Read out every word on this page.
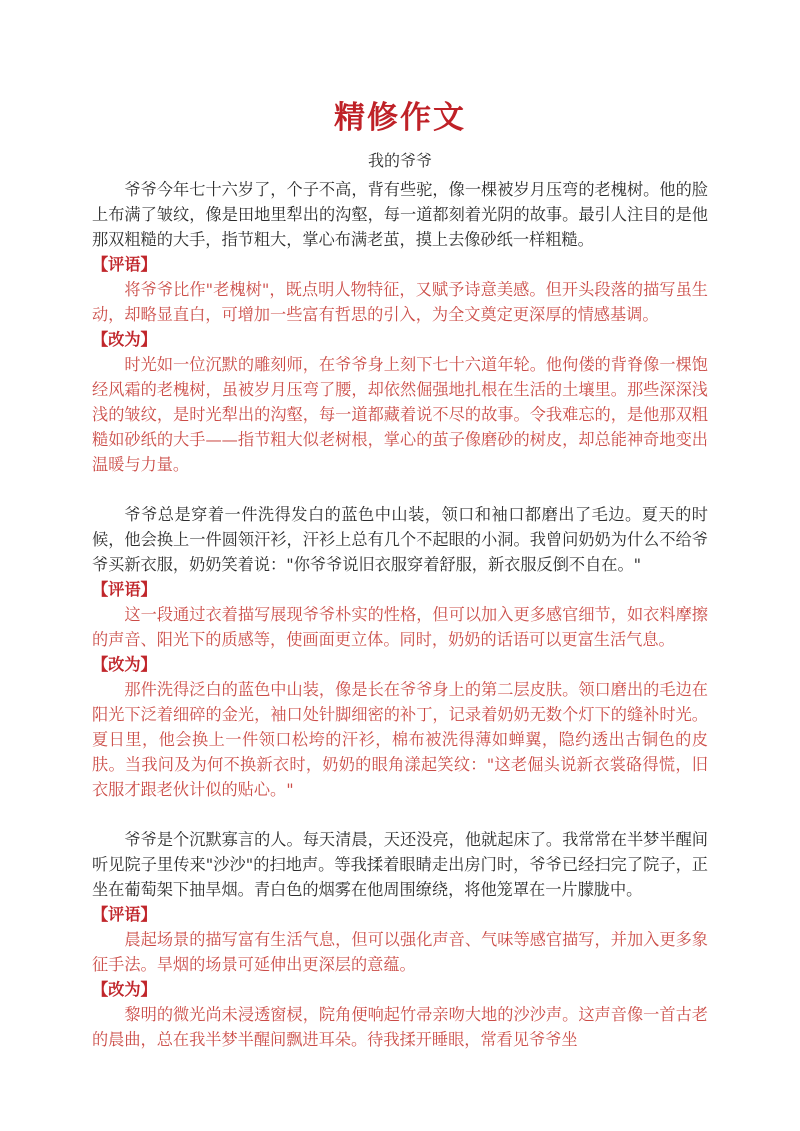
精修作文
我的爷爷

爷爷今年七十六岁了，个子不高，背有些驼，像一棵被岁月压弯的老槐树。他的脸上布满了皱纹，像是田地里犁出的沟壑，每一道都刻着光阴的故事。最引人注目的是他那双粗糙的大手，指节粗大，掌心布满老茧，摸上去像砂纸一样粗糙。

【评语】

将爷爷比作"老槐树"，既点明人物特征，又赋予诗意美感。但开头段落的描写虽生动，却略显直白，可增加一些富有哲思的引入，为全文奠定更深厚的情感基调。

【改为】

时光如一位沉默的雕刻师，在爷爷身上刻下七十六道年轮。他佝偻的背脊像一棵饱经风霜的老槐树，虽被岁月压弯了腰，却依然倔强地扎根在生活的土壤里。那些深深浅浅的皱纹，是时光犁出的沟壑，每一道都藏着说不尽的故事。令我难忘的，是他那双粗糙如砂纸的大手——指节粗大似老树根，掌心的茧子像磨砂的树皮，却总能神奇地变出温暖与力量。

爷爷总是穿着一件洗得发白的蓝色中山装，领口和袖口都磨出了毛边。夏天的时候，他会换上一件圆领汗衫，汗衫上总有几个不起眼的小洞。我曾问奶奶为什么不给爷爷买新衣服，奶奶笑着说："你爷爷说旧衣服穿着舒服，新衣服反倒不自在。"

【评语】

这一段通过衣着描写展现爷爷朴实的性格，但可以加入更多感官细节，如衣料摩擦的声音、阳光下的质感等，使画面更立体。同时，奶奶的话语可以更富生活气息。

【改为】

那件洗得泛白的蓝色中山装，像是长在爷爷身上的第二层皮肤。领口磨出的毛边在阳光下泛着细碎的金光，袖口处针脚细密的补丁，记录着奶奶无数个灯下的缝补时光。夏日里，他会换上一件领口松垮的汗衫，棉布被洗得薄如蝉翼，隐约透出古铜色的皮肤。当我问及为何不换新衣时，奶奶的眼角漾起笑纹："这老倔头说新衣裳硌得慌，旧衣服才跟老伙计似的贴心。"

爷爷是个沉默寡言的人。每天清晨，天还没亮，他就起床了。我常常在半梦半醒间听见院子里传来"沙沙"的扫地声。等我揉着眼睛走出房门时，爷爷已经扫完了院子，正坐在葡萄架下抽旱烟。青白色的烟雾在他周围缭绕，将他笼罩在一片朦胧中。

【评语】

晨起场景的描写富有生活气息，但可以强化声音、气味等感官描写，并加入更多象征手法。旱烟的场景可延伸出更深层的意蕴。

【改为】

黎明的微光尚未浸透窗棂，院角便响起竹帚亲吻大地的沙沙声。这声音像一首古老的晨曲，总在我半梦半醒间飘进耳朵。待我揉开睡眼，常看见爷爷坐
